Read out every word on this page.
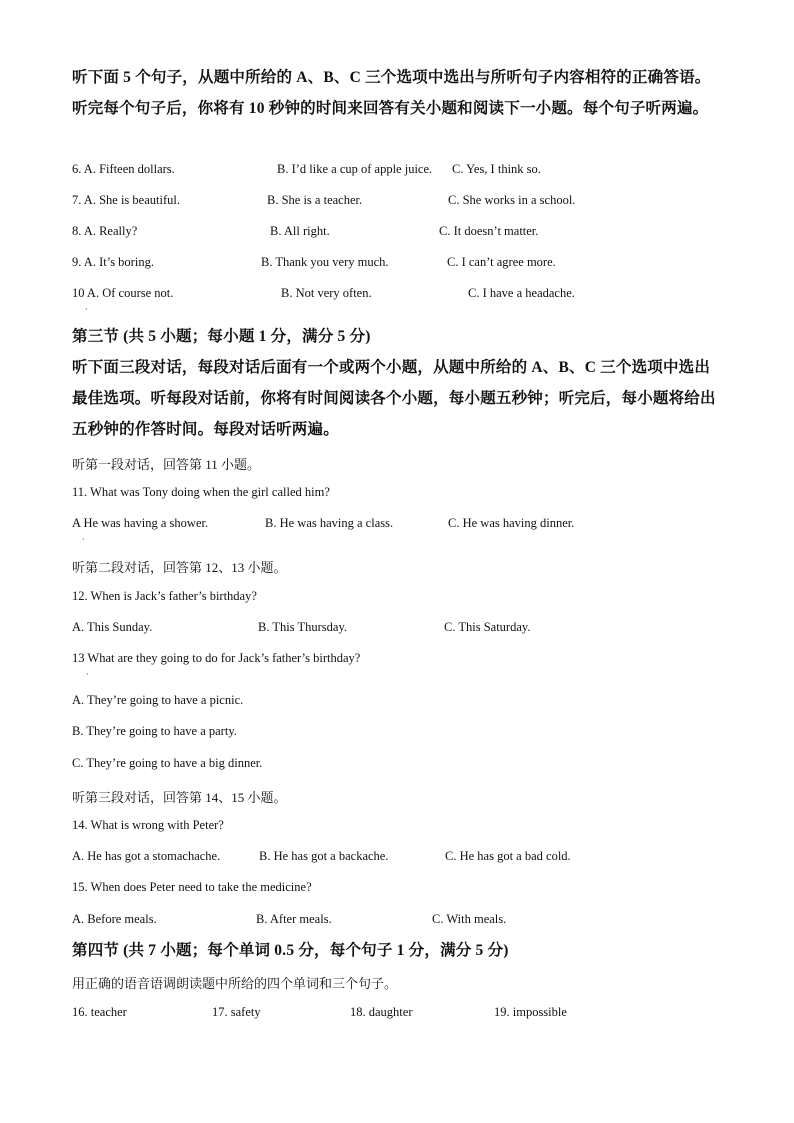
听下面 5 个句子，从题中所给的 A、B、C 三个选项中选出与所听句子内容相符的正确答语。听完每个句子后，你将有 10 秒钟的时间来回答有关小题和阅读下一小题。每个句子听两遍。
6. A. Fifteen dollars.	B. I’d like a cup of apple juice. C. Yes, I think so.
7. A. She is beautiful.	B. She is a teacher.	C. She works in a school.
8. A. Really?	B. All right.	C. It doesn’t matter.
9. A. It’s boring.	B. Thank you very much.	C. I can’t agree more.
10 A. Of course not.	B. Not very often.	C. I have a headache.
·
第三节 (共 5 小题；每小题 1 分，满分 5 分)
听下面三段对话，每段对话后面有一个或两个小题，从题中所给的 A、B、C 三个选项中选出最佳选项。听每段对话前，你将有时间阅读各个小题，每小题五秒钟；听完后，每小题将给出五秒钟的作答时间。每段对话听两遍。
听第一段对话，回答第 11 小题。
11. What was Tony doing when the girl called him?
A He was having a shower.	B. He was having a class.	C. He was having dinner.
·
听第二段对话，回答第 12、13 小题。
12. When is Jack’s father’s birthday?
A. This Sunday.	B. This Thursday.	C. This Saturday.
13 What are they going to do for Jack’s father’s birthday?
·
A. They’re going to have a picnic.
B. They’re going to have a party.
C. They’re going to have a big dinner.
听第三段对话，回答第 14、15 小题。
14. What is wrong with Peter?
A. He has got a stomachache.	B. He has got a backache.	C. He has got a bad cold.
15. When does Peter need to take the medicine?
A. Before meals.	B. After meals.	C. With meals.
第四节 (共 7 小题；每个单词 0.5 分，每个句子 1 分，满分 5 分)
用正确的语音语调朗读题中所给的四个单词和三个句子。
16. teacher	17. safety	18. daughter	19. impossible
